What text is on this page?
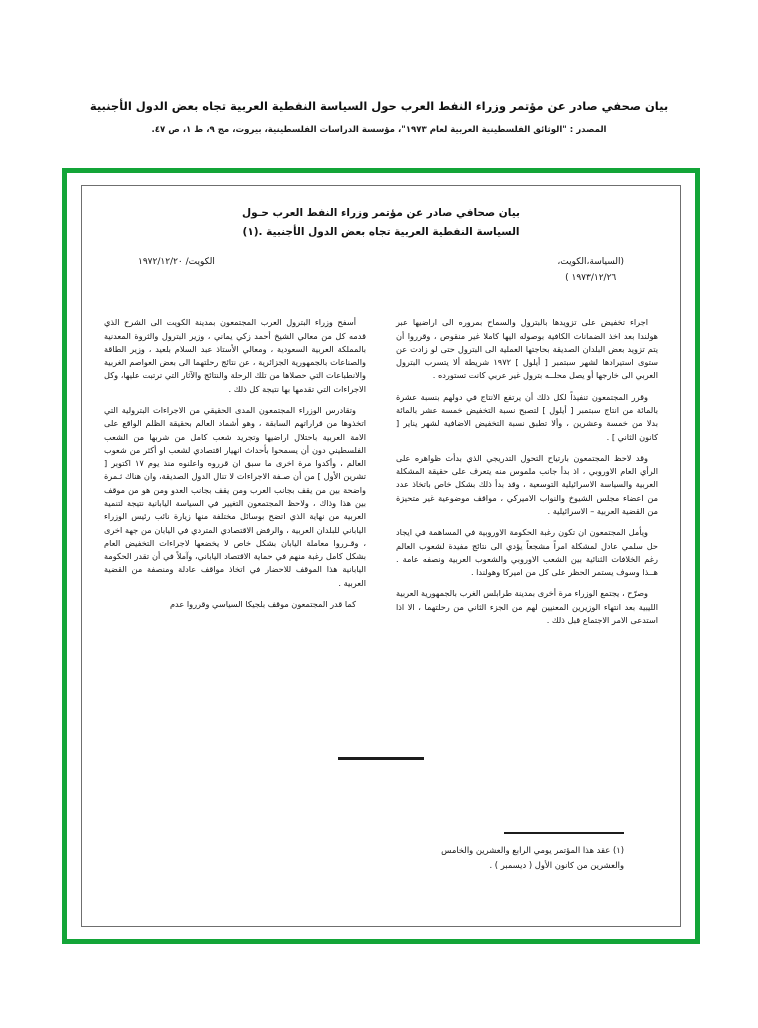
بيان صحفي صادر عن مؤتمر وزراء النفط العرب حول السياسة النفطية العربية تجاه بعض الدول الأجنبية
المصدر : "الوثائق الفلسطينية العربية لعام ١٩٧٣"، مؤسسة الدراسات الفلسطينية، بيروت، مج ٩، ط ١، ص ٤٧.
بيان صحافي صادر عن مؤتمر وزراء النفط العرب حـول
السياسة النفطية العربية تجاه بعض الدول الأجنبية .(١)
الكويت/ ١٩٧٢/١٢/٢٠	(السياسة،الكويت،
١٩٧٣/١٢/٢٦ )

أسفح وزراء البترول العرب المجتمعون بمدينة الكويت الى الشرح الذي قدمه كل من معالي الشيخ أحمد زكي يماني ، وزير البترول والثروة المعدنية بالمملكة العربية السعودية ، ومعالي الأستاذ عبد السلام بلعيد ، وزير الطاقة والصناعات بالجمهورية الجزائرية ، عن نتائج رحلتهما الى بعض العواصم الغربية والانطباعات التي حصلاها من تلك الرحلة والنتائج والآثار التي ترتبت عليها، وكل الاجراءات التي تقدمها بها نتيجة كل ذلك .

وتقادرس الوزراء المجتمعون المدى الحقيقي من الاجراءات البترولية التي اتخذوها من قراراتهم السابقة ، وهو أشماد العالم بحقيقة الظلم الواقع على الامة العربية باحتلال اراضيها وتجريد شعب كامل من شربها من الشعب الفلسطيني دون أن يسمحوا بأحداث انهيار اقتصادي لشعب او أكثر من شعوب العالم ، وأكدوا مرة اخرى ما سبق ان قرروه واعلنوه منذ يوم ١٧ اكتوبر [ تشرين الأول ] من أن صـفة الاجراءات لا تنال الدول الصديقة، وان هناك ثـمرة واضحة بين من يقف بجانب العرب ومن يقف بجانب العدو ومن هو من موقف بين هذا وذاك ، ولاحظ المجتمعون التغيير في السياسة اليابانية نتيجة لتنمية العربية من نهاية الذي اتضح بوسائل مختلفة منها زيارة نائب رئيس الوزراء الياباني للبلدان العربية ، والرفض الاقتصادي المتردي في اليابان من جهة اخرى ، وقـرروا معاملة اليابان بشكل خاص لا يخضعها لاجراءات التخفيض العام بشكل كامل رغبة منهم في حماية الاقتصاد الياباني، وآملاً في أن تقدر الحكومة اليابانية هذا الموقف للاحضار في اتخاذ مواقف عادلة ومنصفة من القضية العربية .

كما قدر المجتمعون موقف بلجيكا السياسي وقرروا عدم

اجراء تخفيض على تزويدها بالبترول والسماح بمروره الى اراضيها عبر هولندا بعد اخذ الضمانات الكافية بوصوله اليها كاملا غير منقوص ، وقرروا أن يتم تزويد بعض البلدان الصديقة بحاجتها العملية الى البترول حتى لو زادت عن ستوى استيرادها لشهر سبتمبر [ أيلول ] ١٩٧٢ شريطة ألا يتسرب البترول العربي الى خارجها أو يصل محلــه بترول غير عربي كانت تستورده .

وقرر المجتمعون تنفيذاً لكل ذلك أن يرتفع الانتاج في دولهم بنسبة عشرة بالمائة من انتاج سبتمبر [ أيلول ] لتصبح نسبة التخفيض خمسة عشر بالمائة بدلا من خمسة وعشرين ، وألا تطبق نسبة التخفيض الاضافية لشهر يناير [ كانون الثاني ] .

وقد لاحظ المجتمعون بارتياح التحول التدريجي الذي بدأت ظواهره على الرأي العام الاوروبي ، اذ بدأ جانب ملموس منه يتعرف على حقيقة المشكلة العربية والسياسة الاسرائيلية التوسعية ، وقد بدأ ذلك بشكل خاص باتخاذ عدد من اعضاء مجلس الشيوخ والنواب الاميركي ، مواقف موضوعية غير متحيزة من القضية العربية – الاسرائيلية .

ويأمل المجتمعون ان تكون رغبة الحكومة الاوروبية في المساهمة في ايجاد حل سلمي عادل لمشكلة امراً مشجعاً يؤدي الى نتائج مفيدة لشعوب العالم رغم الخلافات الثنائية بين الشعب الاوروبي والشعوب العربية ونصفه عامة . هــذا وسوف يستمر الحظر على كل من اميركا وهولندا .

وصرّح ، يجتمع الوزراء مرة أخرى بمدينة طرابلس الغرب بالجمهورية العربية الليبية بعد انتهاء الوزيرين المعنيين لهم من الجزء الثاني من رحلتهما ، الا اذا استدعى الامر الاجتماع قبل ذلك .

(١) عقد هذا المؤتمر يومي الرابع والعشرين والخامس
والعشرين من كانون الأول ( ديسمبر ) .
